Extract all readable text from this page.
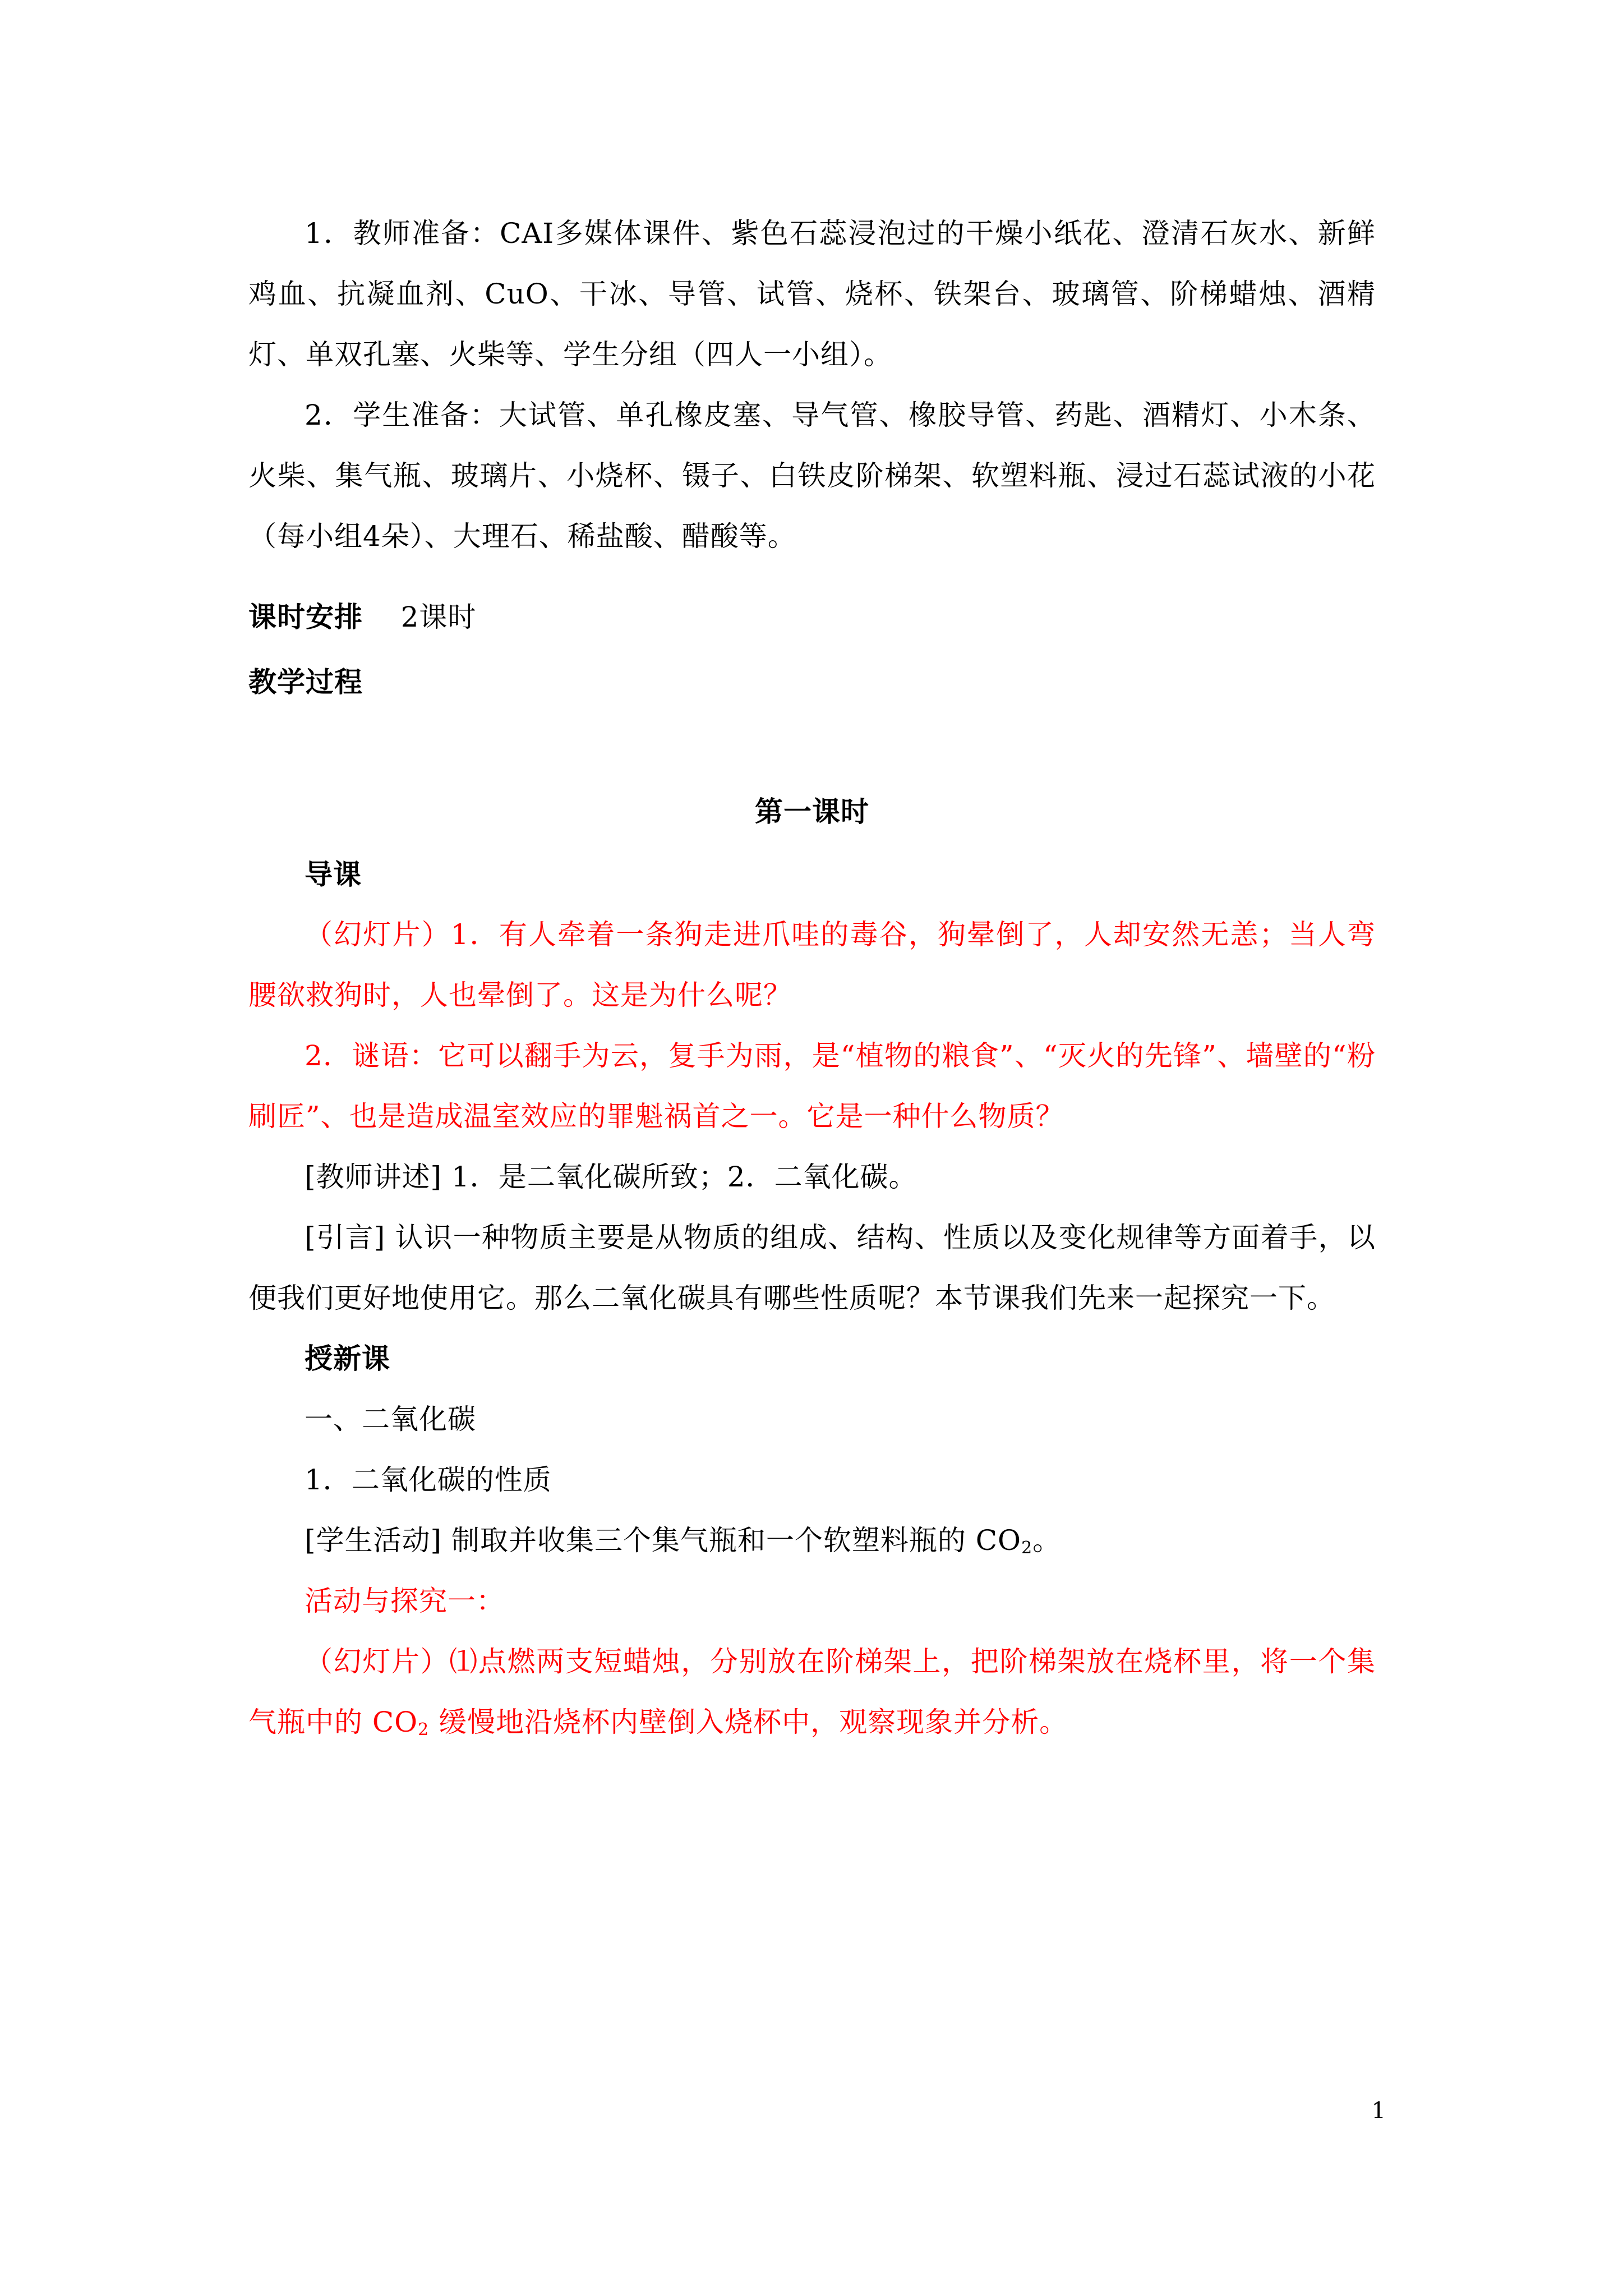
1．教师准备：CAI多媒体课件、紫色石蕊浸泡过的干燥小纸花、澄清石灰水、新鲜鸡血、抗凝血剂、CuO、干冰、导管、试管、烧杯、铁架台、玻璃管、阶梯蜡烛、酒精灯、单双孔塞、火柴等、学生分组（四人一小组）。

2．学生准备：大试管、单孔橡皮塞、导气管、橡胶导管、药匙、酒精灯、小木条、火柴、集气瓶、玻璃片、小烧杯、镊子、白铁皮阶梯架、软塑料瓶、浸过石蕊试液的小花（每小组4朵）、大理石、稀盐酸、醋酸等。

课时安排 2课时

教学过程

第一课时

导课

（幻灯片）1．有人牵着一条狗走进爪哇的毒谷，狗晕倒了，人却安然无恙；当人弯腰欲救狗时，人也晕倒了。这是为什么呢？

2．谜语：它可以翻手为云，复手为雨，是“植物的粮食”、“灭火的先锋”、墙壁的“粉刷匠”、也是造成温室效应的罪魁祸首之一。它是一种什么物质？

[教师讲述] 1．是二氧化碳所致；2．二氧化碳。

[引言] 认识一种物质主要是从物质的组成、结构、性质以及变化规律等方面着手，以便我们更好地使用它。那么二氧化碳具有哪些性质呢？本节课我们先来一起探究一下。

授新课

一、二氧化碳

1．二氧化碳的性质

[学生活动] 制取并收集三个集气瓶和一个软塑料瓶的 $CO_2$。

活动与探究一：

（幻灯片）⑴点燃两支短蜡烛，分别放在阶梯架上，把阶梯架放在烧杯里，将一个集气瓶中的 $CO_2$ 缓慢地沿烧杯内壁倒入烧杯中，观察现象并分析。

1
